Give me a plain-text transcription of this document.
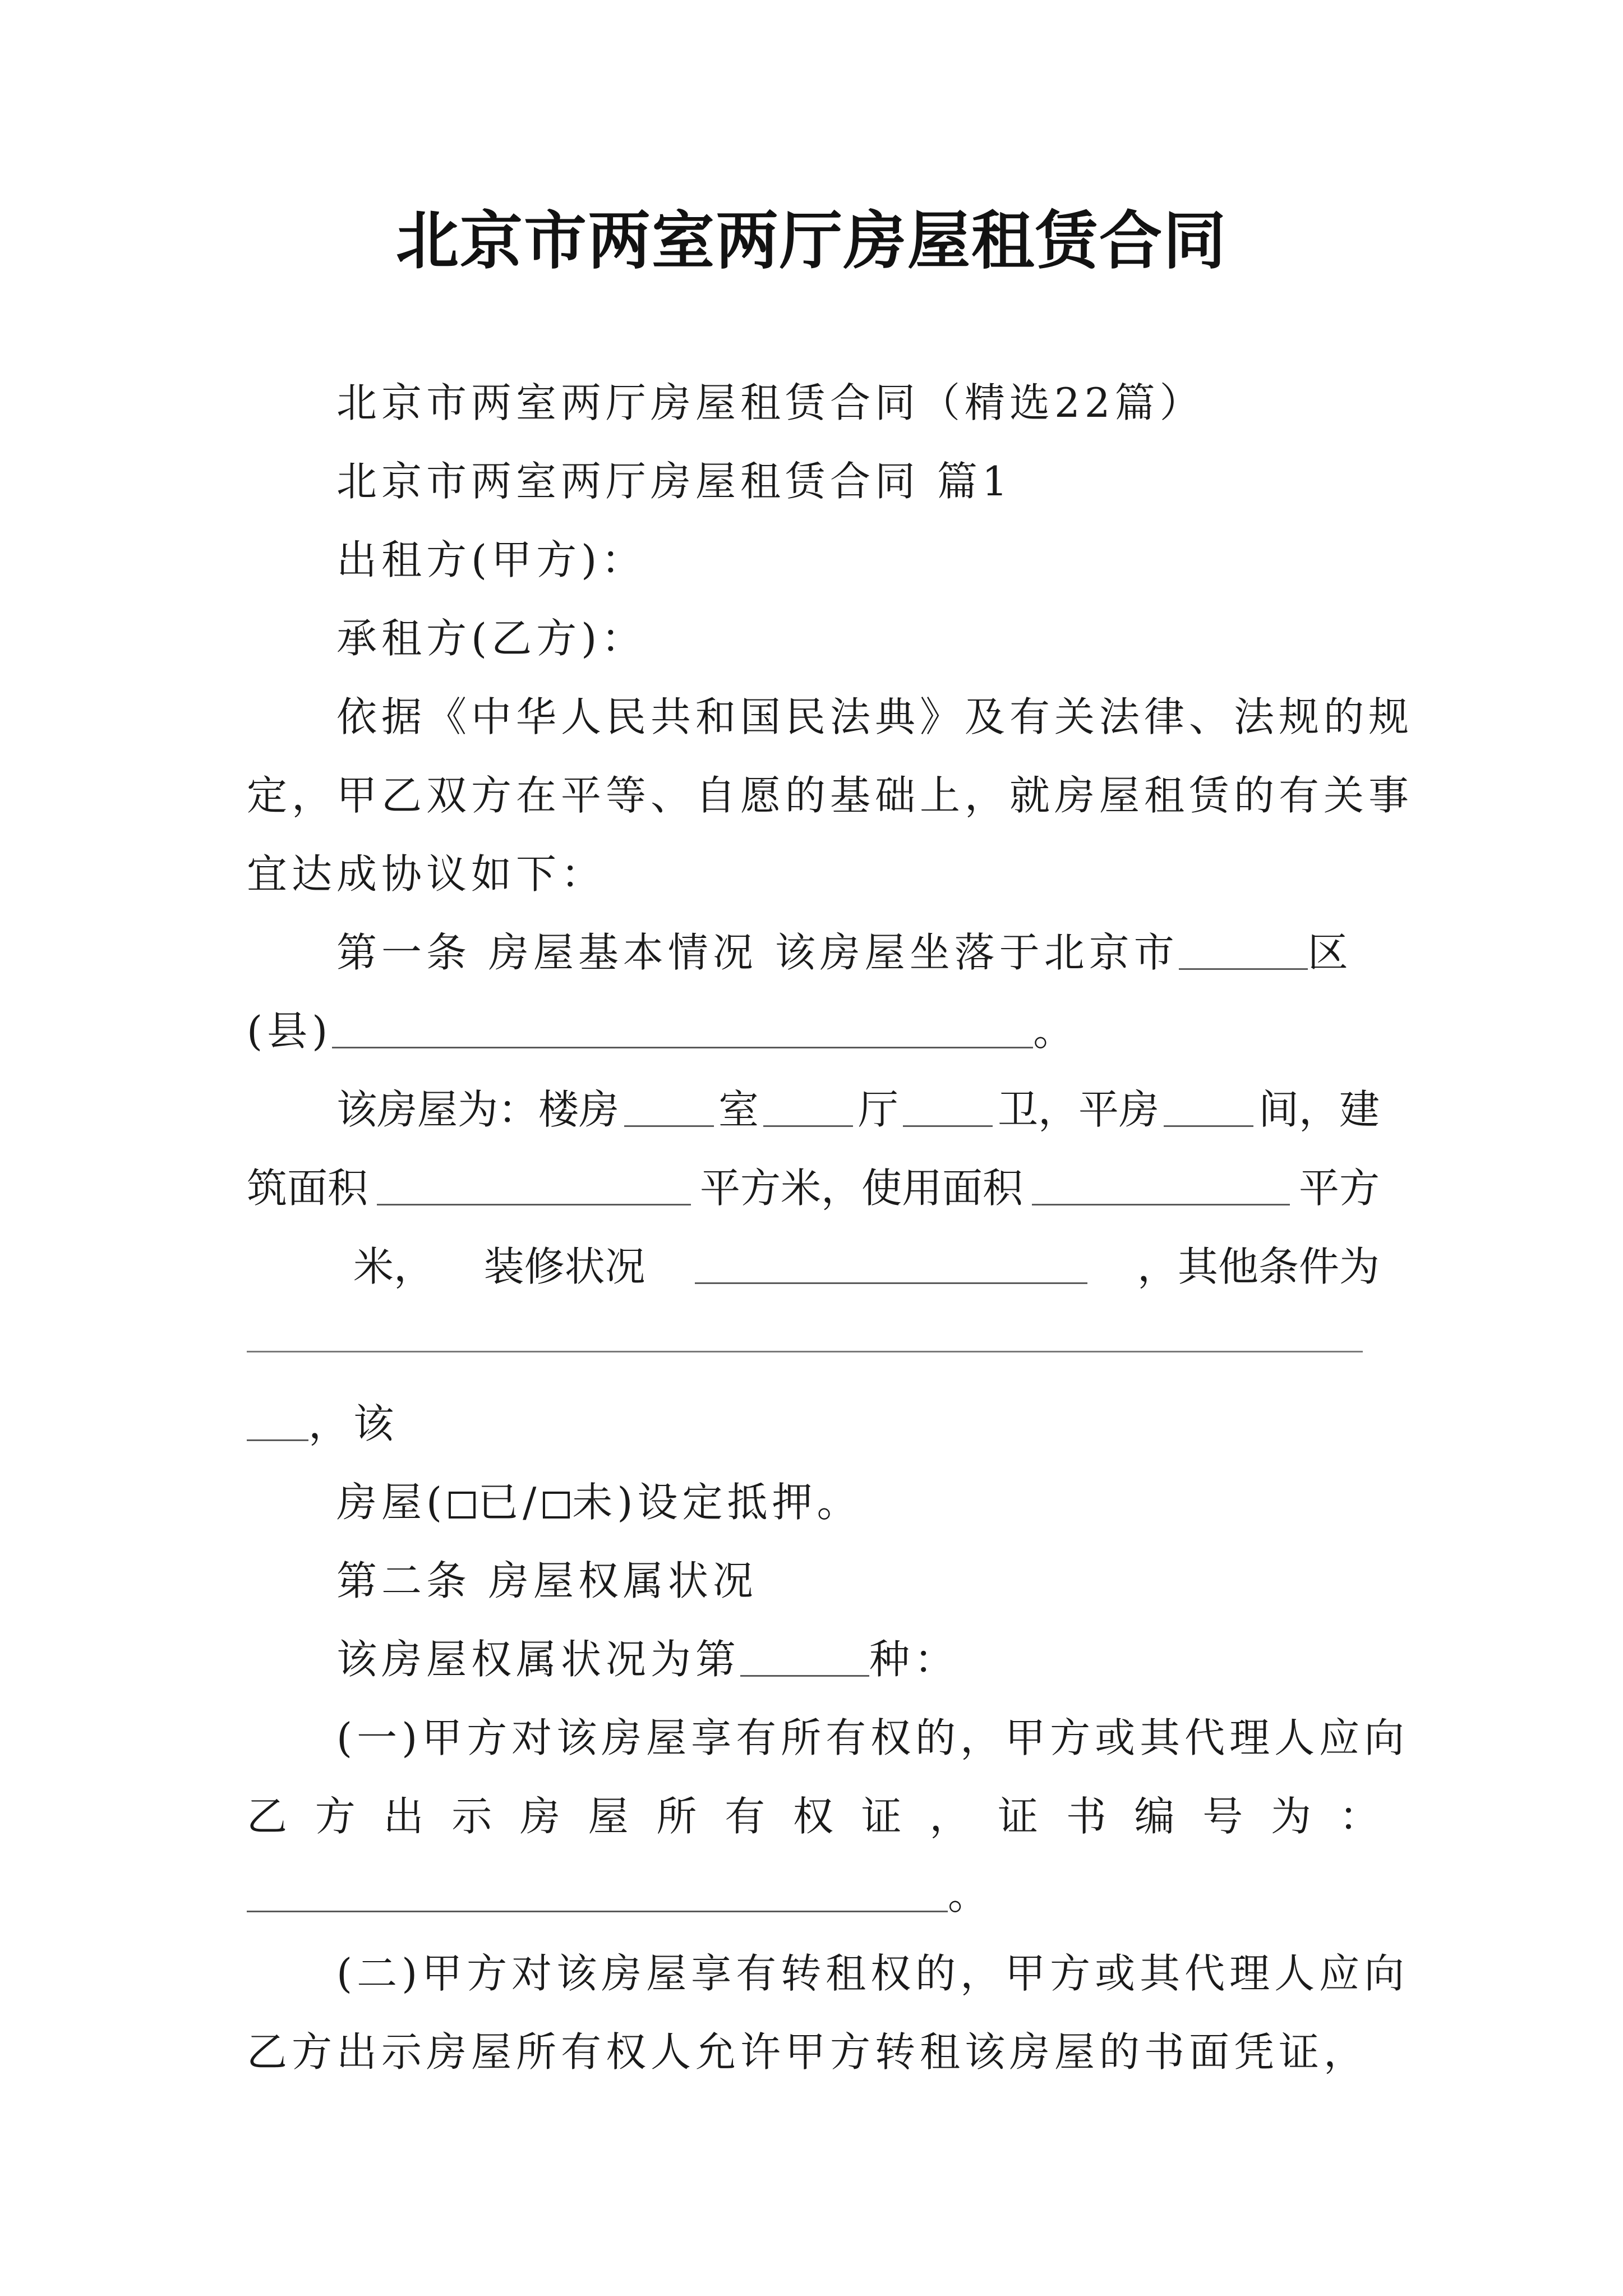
北京市两室两厅房屋租赁合同
北京市两室两厅房屋租赁合同（精选22篇）
北京市两室两厅房屋租赁合同 篇1
出租方(甲方)：
承租方(乙方)：
依据《中华人民共和国民法典》及有关法律、法规的规
定，甲乙双方在平等、自愿的基础上，就房屋租赁的有关事
宜达成协议如下：
第一条 房屋基本情况 该房屋坐落于北京市	区
(县)	。
该房屋为：楼房 室 厅 卫，平房 间，建
筑面积	平方米，使用面积	平方
米， 装修状况	，其他条件为
，该
房屋( 已/ 未)设定抵押。
第二条 房屋权属状况
该房屋权属状况为第	种：
(一)甲方对该房屋享有所有权的，甲方或其代理人应向
乙 方 出 示 房 屋 所 有 权 证 ， 证 书 编 号 为 ：
。
(二)甲方对该房屋享有转租权的，甲方或其代理人应向
乙方出示房屋所有权人允许甲方转租该房屋的书面凭证，
